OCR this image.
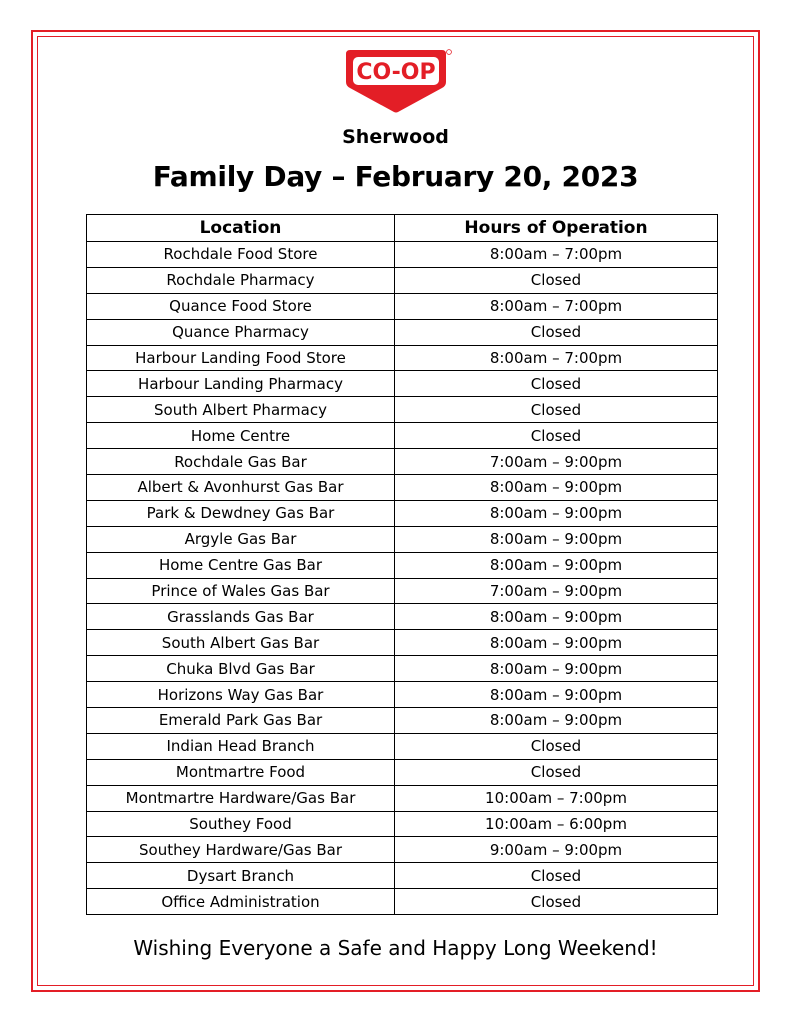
CO-OP
Sherwood
Family Day – February 20, 2023
Location	Hours of Operation
Rochdale Food Store	8:00am – 7:00pm
Rochdale Pharmacy	Closed
Quance Food Store	8:00am – 7:00pm
Quance Pharmacy	Closed
Harbour Landing Food Store	8:00am – 7:00pm
Harbour Landing Pharmacy	Closed
South Albert Pharmacy	Closed
Home Centre	Closed
Rochdale Gas Bar	7:00am – 9:00pm
Albert & Avonhurst Gas Bar	8:00am – 9:00pm
Park & Dewdney Gas Bar	8:00am – 9:00pm
Argyle Gas Bar	8:00am – 9:00pm
Home Centre Gas Bar	8:00am – 9:00pm
Prince of Wales Gas Bar	7:00am – 9:00pm
Grasslands Gas Bar	8:00am – 9:00pm
South Albert Gas Bar	8:00am – 9:00pm
Chuka Blvd Gas Bar	8:00am – 9:00pm
Horizons Way Gas Bar	8:00am – 9:00pm
Emerald Park Gas Bar	8:00am – 9:00pm
Indian Head Branch	Closed
Montmartre Food	Closed
Montmartre Hardware/Gas Bar	10:00am – 7:00pm
Southey Food	10:00am – 6:00pm
Southey Hardware/Gas Bar	9:00am – 9:00pm
Dysart Branch	Closed
Office Administration	Closed
Wishing Everyone a Safe and Happy Long Weekend!
